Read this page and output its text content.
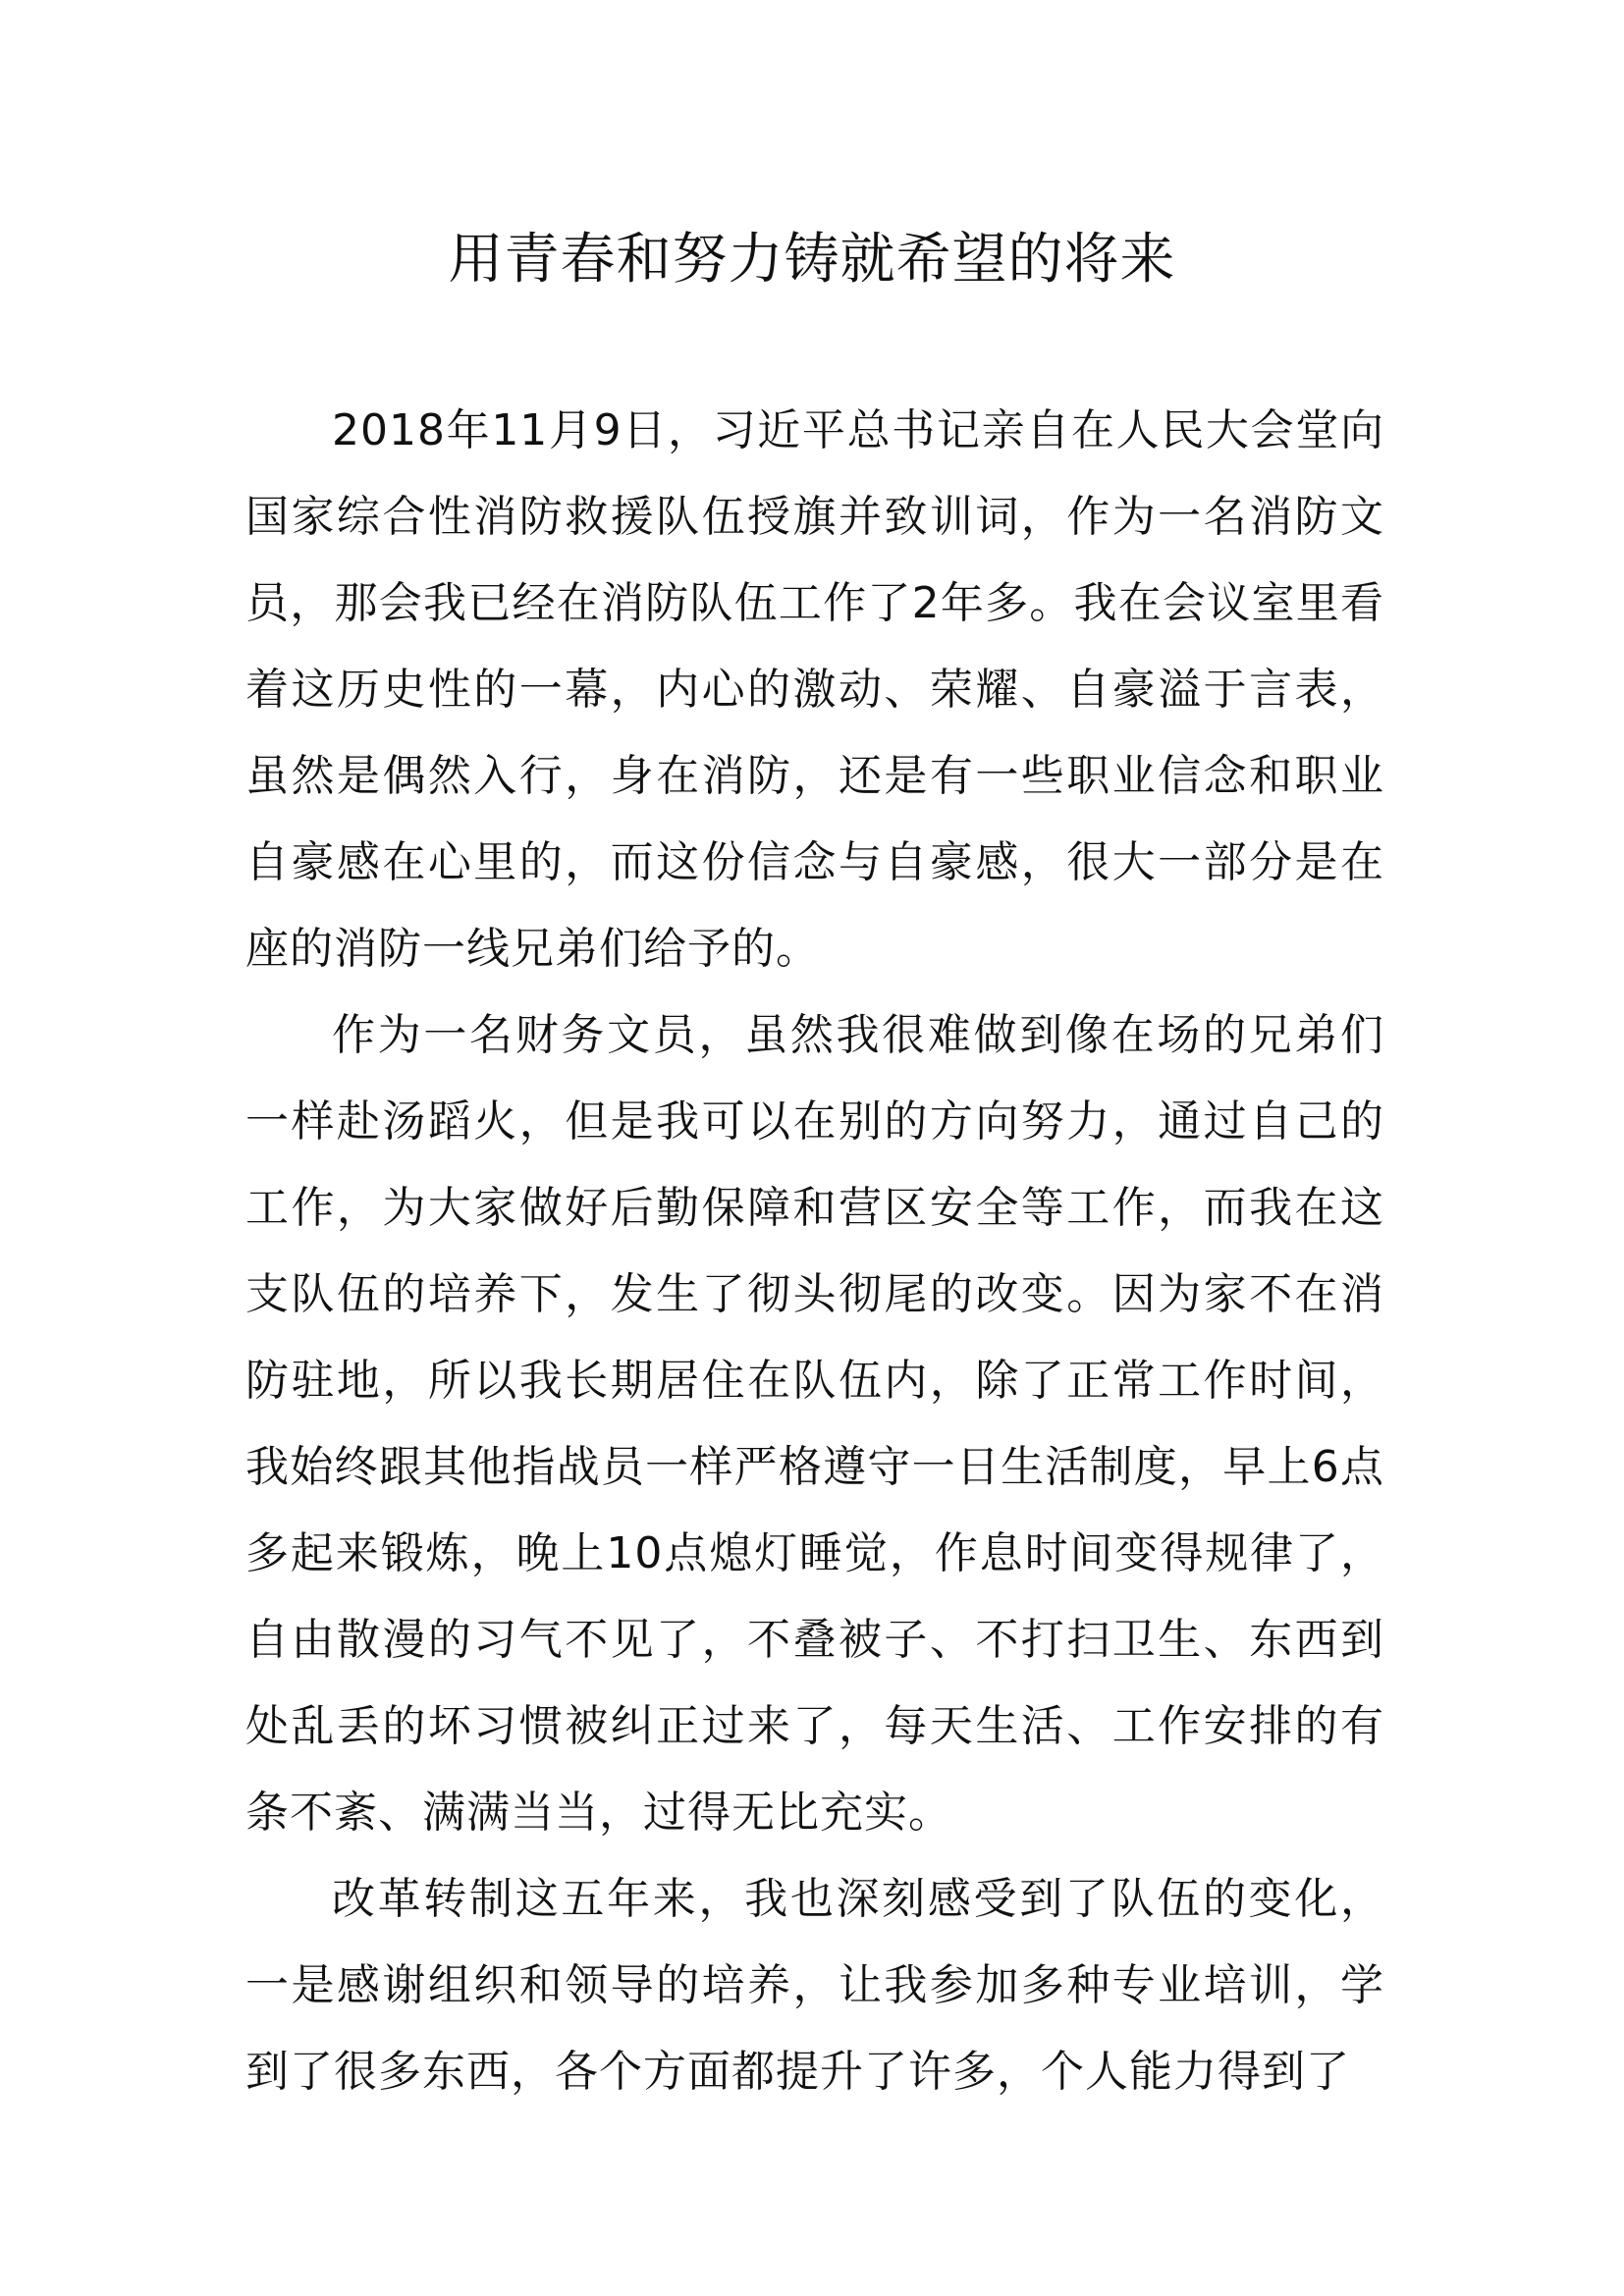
用青春和努力铸就希望的将来

2018年11月9日，习近平总书记亲自在人民大会堂向国家综合性消防救援队伍授旗并致训词，作为一名消防文员，那会我已经在消防队伍工作了2年多。我在会议室里看着这历史性的一幕，内心的激动、荣耀、自豪溢于言表，虽然是偶然入行，身在消防，还是有一些职业信念和职业自豪感在心里的，而这份信念与自豪感，很大一部分是在座的消防一线兄弟们给予的。

作为一名财务文员，虽然我很难做到像在场的兄弟们一样赴汤蹈火，但是我可以在别的方向努力，通过自己的工作，为大家做好后勤保障和营区安全等工作，而我在这支队伍的培养下，发生了彻头彻尾的改变。因为家不在消防驻地，所以我长期居住在队伍内，除了正常工作时间，我始终跟其他指战员一样严格遵守一日生活制度，早上6点多起来锻炼，晚上10点熄灯睡觉，作息时间变得规律了，自由散漫的习气不见了，不叠被子、不打扫卫生、东西到处乱丢的坏习惯被纠正过来了，每天生活、工作安排的有条不紊、满满当当，过得无比充实。

改革转制这五年来，我也深刻感受到了队伍的变化，一是感谢组织和领导的培养，让我参加多种专业培训，学到了很多东西，各个方面都提升了许多，个人能力得到了
